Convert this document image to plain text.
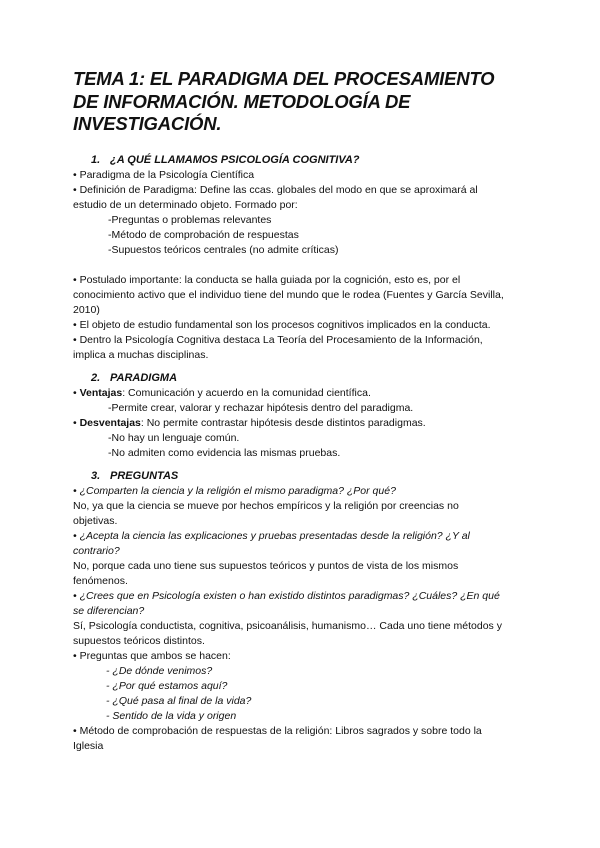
TEMA 1: EL PARADIGMA DEL PROCESAMIENTO
DE INFORMACIÓN. METODOLOGÍA DE
INVESTIGACIÓN.

1. ¿A QUÉ LLAMAMOS PSICOLOGÍA COGNITIVA?

• Paradigma de la Psicología Científica

• Definición de Paradigma: Define las ccas. globales del modo en que se aproximará al

estudio de un determinado objeto. Formado por:

-Preguntas o problemas relevantes

-Método de comprobación de respuestas

-Supuestos teóricos centrales (no admite críticas)

• Postulado importante: la conducta se halla guiada por la cognición, esto es, por el

conocimiento activo que el individuo tiene del mundo que le rodea (Fuentes y García Sevilla,

2010)

• El objeto de estudio fundamental son los procesos cognitivos implicados en la conducta.

• Dentro la Psicología Cognitiva destaca La Teoría del Procesamiento de la Información,

implica a muchas disciplinas.

2. PARADIGMA

• Ventajas: Comunicación y acuerdo en la comunidad científica.

-Permite crear, valorar y rechazar hipótesis dentro del paradigma.

• Desventajas: No permite contrastar hipótesis desde distintos paradigmas.

-No hay un lenguaje común.

-No admiten como evidencia las mismas pruebas.

3. PREGUNTAS

• ¿Comparten la ciencia y la religión el mismo paradigma? ¿Por qué?

No, ya que la ciencia se mueve por hechos empíricos y la religión por creencias no

objetivas.

• ¿Acepta la ciencia las explicaciones y pruebas presentadas desde la religión? ¿Y al

contrario?

No, porque cada uno tiene sus supuestos teóricos y puntos de vista de los mismos

fenómenos.

• ¿Crees que en Psicología existen o han existido distintos paradigmas? ¿Cuáles? ¿En qué

se diferencian?

Sí, Psicología conductista, cognitiva, psicoanálisis, humanismo… Cada uno tiene métodos y

supuestos teóricos distintos.

• Preguntas que ambos se hacen:

- ¿De dónde venimos?

- ¿Por qué estamos aquí?

- ¿Qué pasa al final de la vida?

- Sentido de la vida y origen

• Método de comprobación de respuestas de la religión: Libros sagrados y sobre todo la

Iglesia
